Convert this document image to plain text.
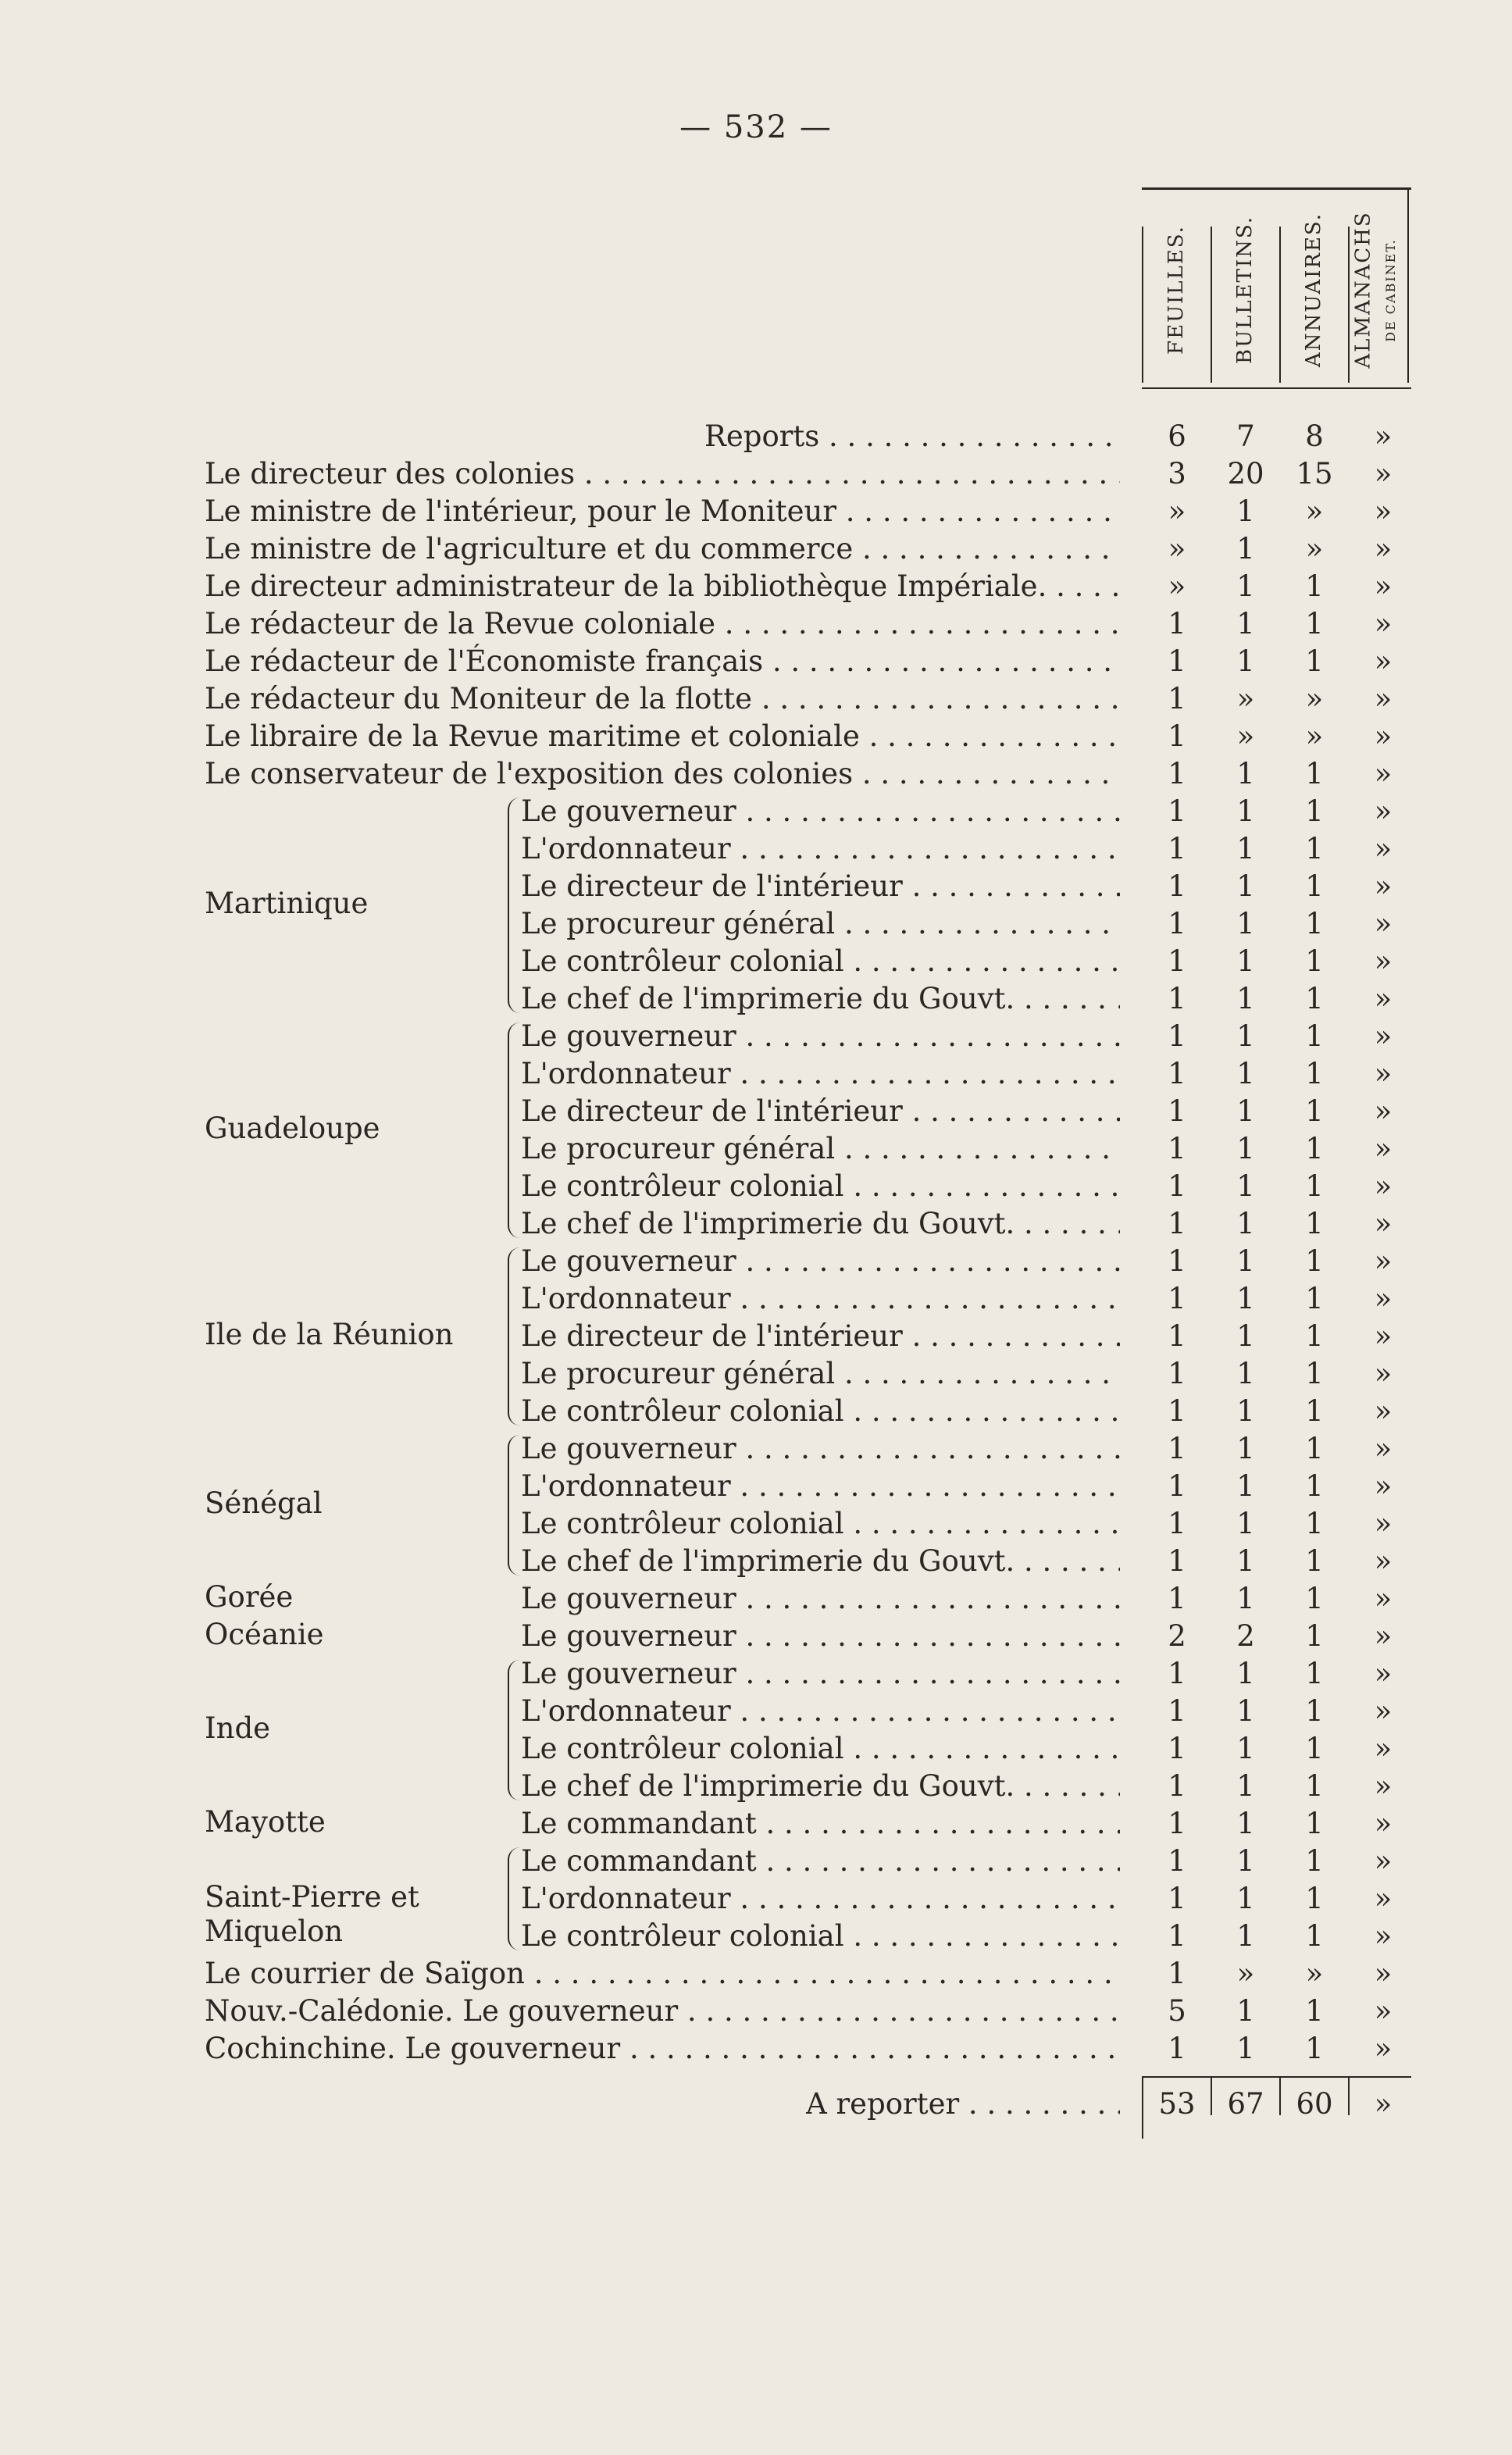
— 532 —
FEUILLES. BULLETINS. ANNUAIRES. ALMANACHS DE CABINET.
Reports . . .	6	7	8	»
Le directeur des colonies . . .	3	20	15	»
Le ministre de l'intérieur, pour le Moniteur . . .	»	1	»	»
Le ministre de l'agriculture et du commerce . . .	»	1	»	»
Le directeur administrateur de la bibliothèque Impériale. . . .	»	1	1	»
Le rédacteur de la Revue coloniale . . .	1	1	1	»
Le rédacteur de l'Économiste français . . .	1	1	1	»
Le rédacteur du Moniteur de la flotte . . .	1	»	»	»
Le libraire de la Revue maritime et coloniale . . .	1	»	»	»
Le conservateur de l'exposition des colonies . . .	1	1	1	»
Martinique
Le gouverneur . . .	1	1	1	»
L'ordonnateur . . .	1	1	1	»
Le directeur de l'intérieur . . .	1	1	1	»
Le procureur général . . .	1	1	1	»
Le contrôleur colonial . . .	1	1	1	»
Le chef de l'imprimerie du Gouvt. . . .	1	1	1	»
Guadeloupe
Le gouverneur . . .	1	1	1	»
L'ordonnateur . . .	1	1	1	»
Le directeur de l'intérieur . . .	1	1	1	»
Le procureur général . . .	1	1	1	»
Le contrôleur colonial . . .	1	1	1	»
Le chef de l'imprimerie du Gouvt. . . .	1	1	1	»
Ile de la Réunion
Le gouverneur . . .	1	1	1	»
L'ordonnateur . . .	1	1	1	»
Le directeur de l'intérieur . . .	1	1	1	»
Le procureur général . . .	1	1	1	»
Le contrôleur colonial . . .	1	1	1	»
Sénégal
Le gouverneur . . .	1	1	1	»
L'ordonnateur . . .	1	1	1	»
Le contrôleur colonial . . .	1	1	1	»
Le chef de l'imprimerie du Gouvt. . . .	1	1	1	»
Gorée	Le gouverneur . . .	1	1	1	»
Océanie	Le gouverneur . . .	2	2	1	»
Inde
Le gouverneur . . .	1	1	1	»
L'ordonnateur . . .	1	1	1	»
Le contrôleur colonial . . .	1	1	1	»
Le chef de l'imprimerie du Gouvt. . . .	1	1	1	»
Mayotte	Le commandant . . .	1	1	1	»
Saint-Pierre et Miquelon
Le commandant . . .	1	1	1	»
L'ordonnateur . . .	1	1	1	»
Le contrôleur colonial . . .	1	1	1	»
Le courrier de Saïgon . . .	1	»	»	»
Nouv.-Calédonie. Le gouverneur . . .	5	1	1	»
Cochinchine. Le gouverneur . . .	1	1	1	»
A reporter . . .	53	67	60	»
